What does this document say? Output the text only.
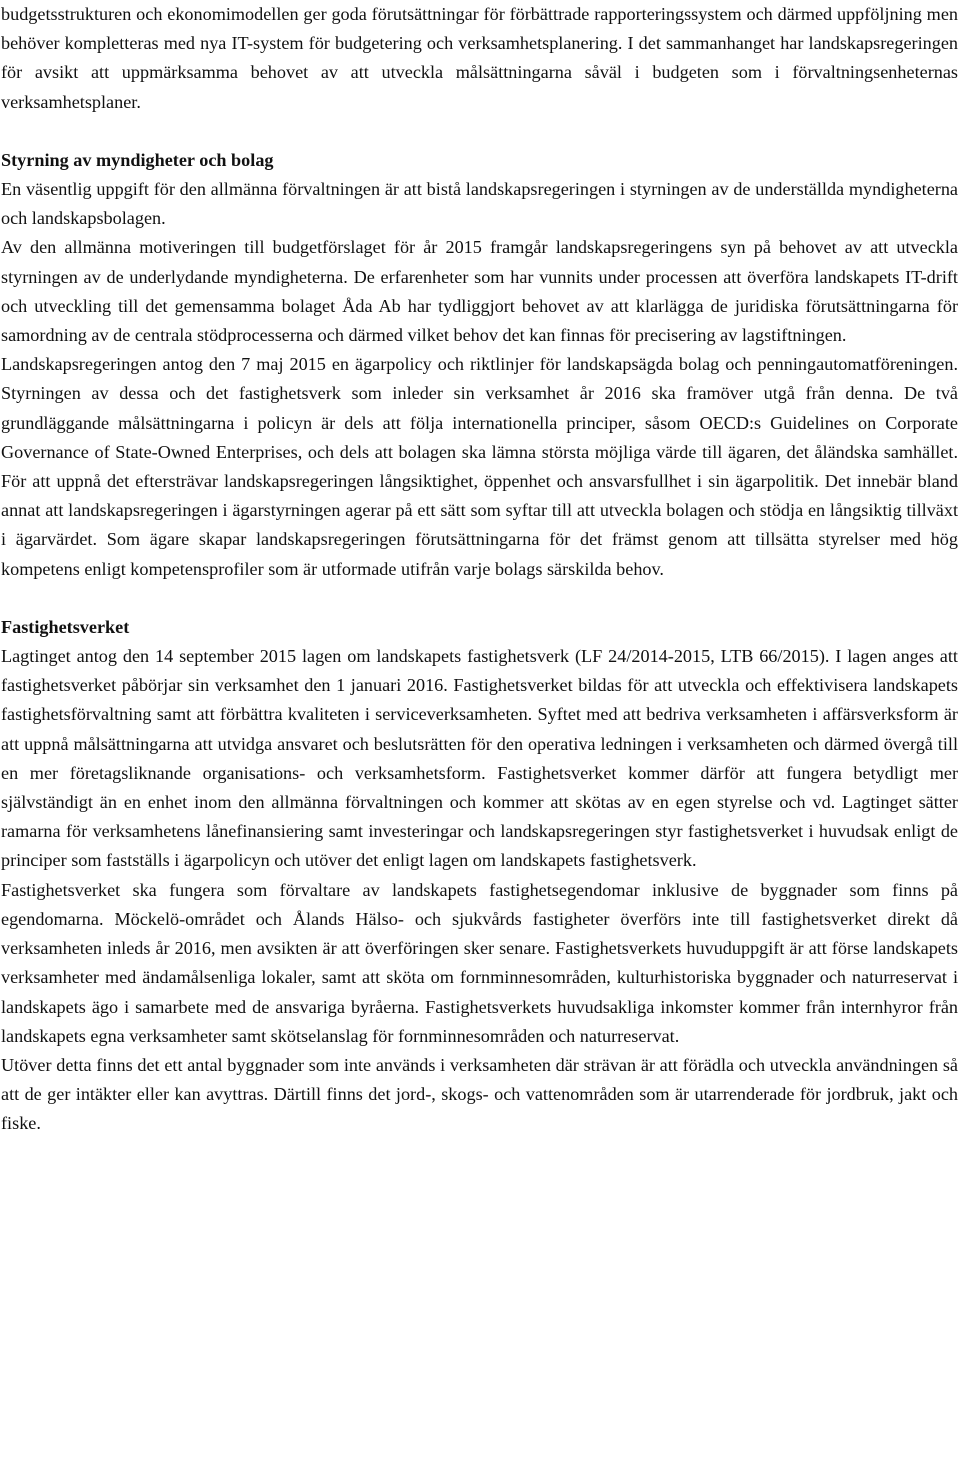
budgetsstrukturen och ekonomimodellen ger goda förutsättningar för förbättrade rapporteringssystem och därmed uppföljning men behöver kompletteras med nya IT-system för budgetering och verksamhetsplanering. I det sammanhanget har landskapsregeringen för avsikt att uppmärksamma behovet av att utveckla målsättningarna såväl i budgeten som i förvaltningsenheternas verksamhetsplaner.

Styrning av myndigheter och bolag

En väsentlig uppgift för den allmänna förvaltningen är att bistå landskapsregeringen i styrningen av de underställda myndigheterna och landskapsbolagen.

Av den allmänna motiveringen till budgetförslaget för år 2015 framgår landskapsregeringens syn på behovet av att utveckla styrningen av de underlydande myndigheterna. De erfarenheter som har vunnits under processen att överföra landskapets IT-drift och utveckling till det gemensamma bolaget Åda Ab har tydliggjort behovet av att klarlägga de juridiska förutsättningarna för samordning av de centrala stödprocesserna och därmed vilket behov det kan finnas för precisering av lagstiftningen.

Landskapsregeringen antog den 7 maj 2015 en ägarpolicy och riktlinjer för landskapsägda bolag och penningautomatföreningen. Styrningen av dessa och det fastighetsverk som inleder sin verksamhet år 2016 ska framöver utgå från denna. De två grundläggande målsättningarna i policyn är dels att följa internationella principer, såsom OECD:s Guidelines on Corporate Governance of State-Owned Enterprises, och dels att bolagen ska lämna största möjliga värde till ägaren, det åländska samhället. För att uppnå det eftersträvar landskapsregeringen långsiktighet, öppenhet och ansvarsfullhet i sin ägarpolitik. Det innebär bland annat att landskapsregeringen i ägarstyrningen agerar på ett sätt som syftar till att utveckla bolagen och stödja en långsiktig tillväxt i ägarvärdet. Som ägare skapar landskapsregeringen förutsättningarna för det främst genom att tillsätta styrelser med hög kompetens enligt kompetensprofiler som är utformade utifrån varje bolags särskilda behov.

Fastighetsverket

Lagtinget antog den 14 september 2015 lagen om landskapets fastighetsverk (LF 24/2014-2015, LTB 66/2015). I lagen anges att fastighetsverket påbörjar sin verksamhet den 1 januari 2016. Fastighetsverket bildas för att utveckla och effektivisera landskapets fastighetsförvaltning samt att förbättra kvaliteten i serviceverksamheten. Syftet med att bedriva verksamheten i affärsverksform är att uppnå målsättningarna att utvidga ansvaret och beslutsrätten för den operativa ledningen i verksamheten och därmed övergå till en mer företagsliknande organisations- och verksamhetsform. Fastighetsverket kommer därför att fungera betydligt mer självständigt än en enhet inom den allmänna förvaltningen och kommer att skötas av en egen styrelse och vd. Lagtinget sätter ramarna för verksamhetens lånefinansiering samt investeringar och landskapsregeringen styr fastighetsverket i huvudsak enligt de principer som fastställs i ägarpolicyn och utöver det enligt lagen om landskapets fastighetsverk.

Fastighetsverket ska fungera som förvaltare av landskapets fastighetsegendomar inklusive de byggnader som finns på egendomarna. Möckelö-området och Ålands Hälso- och sjukvårds fastigheter överförs inte till fastighetsverket direkt då verksamheten inleds år 2016, men avsikten är att överföringen sker senare. Fastighetsverkets huvuduppgift är att förse landskapets verksamheter med ändamålsenliga lokaler, samt att sköta om fornminnesområden, kulturhistoriska byggnader och naturreservat i landskapets ägo i samarbete med de ansvariga byråerna. Fastighetsverkets huvudsakliga inkomster kommer från internhyror från landskapets egna verksamheter samt skötselanslag för fornminnesområden och naturreservat.

Utöver detta finns det ett antal byggnader som inte används i verksamheten där strävan är att förädla och utveckla användningen så att de ger intäkter eller kan avyttras. Därtill finns det jord-, skogs- och vattenområden som är utarrenderade för jordbruk, jakt och fiske.
